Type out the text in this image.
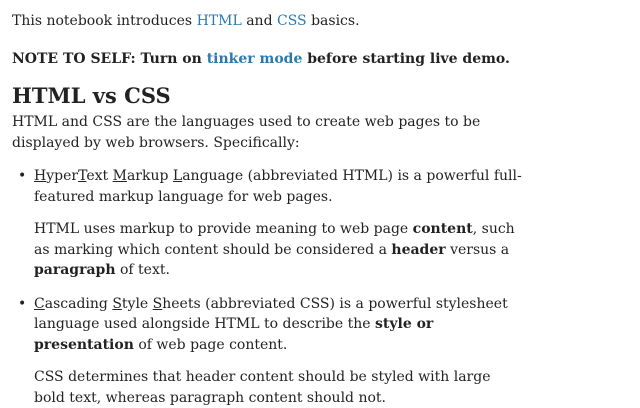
This notebook introduces HTML and CSS basics.

NOTE TO SELF: Turn on tinker mode before starting live demo.

HTML vs CSS

HTML and CSS are the languages used to create web pages to be displayed by web browsers. Specifically:

• HyperText Markup Language (abbreviated HTML) is a powerful full-featured markup language for web pages.

HTML uses markup to provide meaning to web page content, such as marking which content should be considered a header versus a paragraph of text.

• Cascading Style Sheets (abbreviated CSS) is a powerful stylesheet language used alongside HTML to describe the style or presentation of web page content.

CSS determines that header content should be styled with large bold text, whereas paragraph content should not.
